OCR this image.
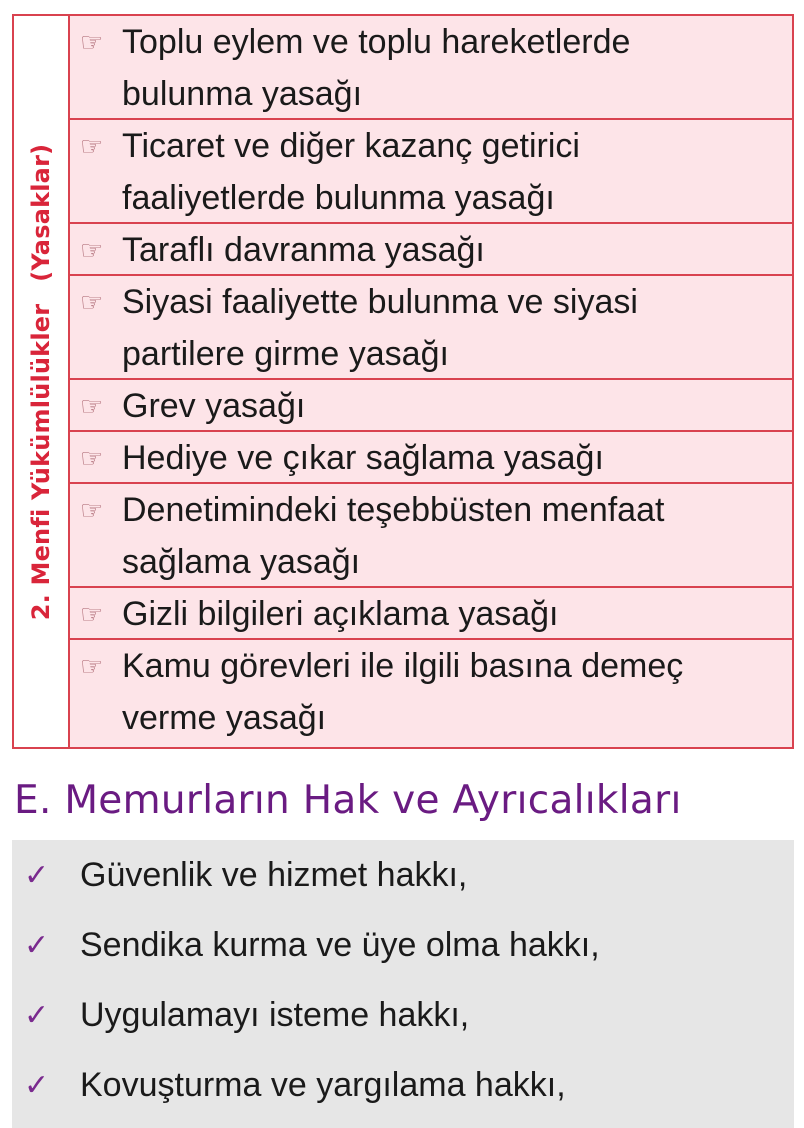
2. Menfi Yükümlülükler(Yasaklar)
☞ Toplu eylem ve toplu hareketlerde
bulunma yasağı
☞ Ticaret ve diğer kazanç getirici
faaliyetlerde bulunma yasağı
☞ Taraflı davranma yasağı
☞ Siyasi faaliyette bulunma ve siyasi
partilere girme yasağı
☞ Grev yasağı
☞ Hediye ve çıkar sağlama yasağı
☞ Denetimindeki teşebbüsten menfaat
sağlama yasağı
☞ Gizli bilgileri açıklama yasağı
☞ Kamu görevleri ile ilgili basına demeç
verme yasağı
E. Memurların Hak ve Ayrıcalıkları
✓ Güvenlik ve hizmet hakkı,
✓ Sendika kurma ve üye olma hakkı,
✓ Uygulamayı isteme hakkı,
✓ Kovuşturma ve yargılama hakkı,
